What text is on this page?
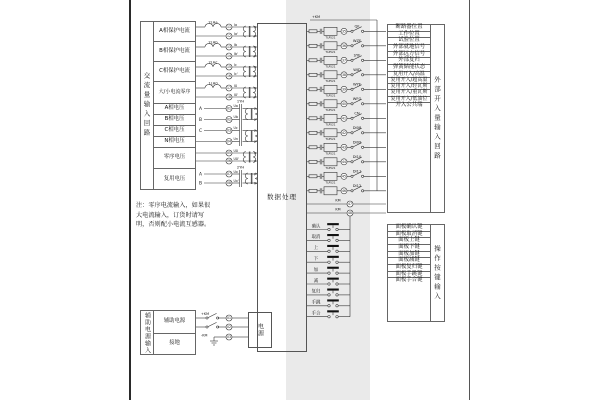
2LHa
11
12
Ia
Ia'
2LHb
13
14
Ib
Ib'
2LHc
15
16
Ic
Ic'
1LH0
17
18
I0
I0'
A
B
C
01
02
03
04
1YH
Ua
Ub
Uc
Un
05
06
U0
U0'
A
B
07
08
2YH
Ux
Ux'
+KM
-KM
01
02
03
+KM
35
QF
TLP521
36
WZF
TLP521
37
SYF
TLP521
38
WJD
TLP521
39
WYF
TLP521
40
WFG
TLP521
41
CN
TLP521
42
DI08
TLP521
43
DI09
TLP521
44
DI10
TLP521
45
DI11
TLP521
46
DI12
47
KM
48
KM
确认
取消
上
下
加
减
复归
手跳
手合
交流量输入回路
A相保护电流
B相保护电流
C相保护电流
大/小电流零序
A相电压
B相电压
C相电压
N相电压
零序电压
复用电压
注：零序电流输入，如果很大电流输入，订货时请写明，否则配小电流互感器。
辅助电源输入	辅助电源
接地
电源
数据处理
断路器位置
工作位置
试验位置
外部就地信号
外部远方信号
外部复归
弹簧储能状态
复用开入/高温
复用开入/超高温
复用开入/轻瓦斯
复用开入/重瓦斯
复用开入/低油位
开入公共端	外部开入量输入回路
面板确认键
面板取消键
面板上键
面板下键
面板加键
面板减键
面板复归键
面板手跳键
面板手合键	操作按键输入
